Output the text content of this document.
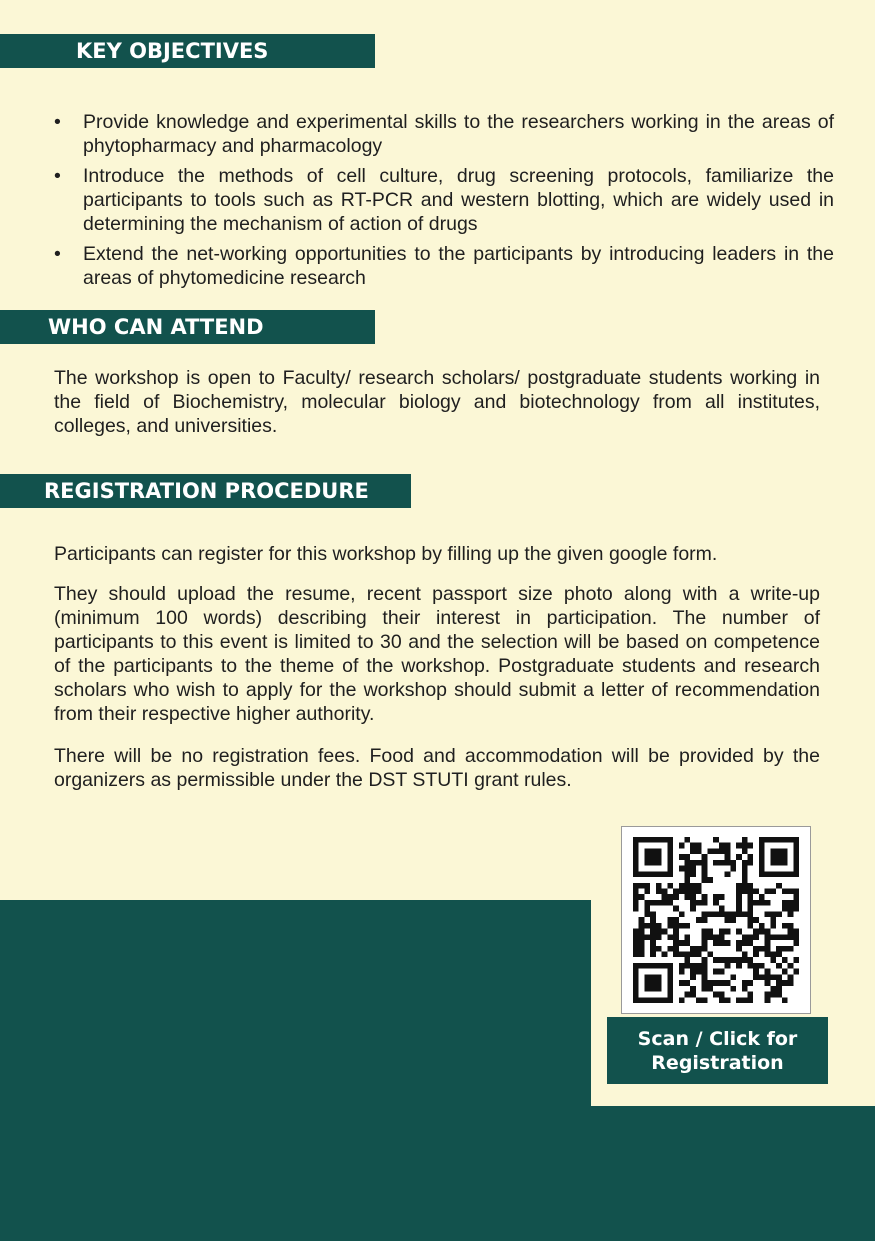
KEY OBJECTIVES
• Provide knowledge and experimental skills to the researchers working in the areas of phytopharmacy and pharmacology
• Introduce the methods of cell culture, drug screening protocols, familiarize the participants to tools such as RT-PCR and western blotting, which are widely used in determining the mechanism of action of drugs
• Extend the net-working opportunities to the participants by introducing leaders in the areas of phytomedicine research
WHO CAN ATTEND

The workshop is open to Faculty/ research scholars/ postgraduate students working in the field of Biochemistry, molecular biology and biotechnology from all institutes, colleges, and universities.

REGISTRATION PROCEDURE

Participants can register for this workshop by filling up the given google form.

They should upload the resume, recent passport size photo along with a write-up (minimum 100 words) describing their interest in participation. The number of participants to this event is limited to 30 and the selection will be based on competence of the participants to the theme of the workshop. Postgraduate students and research scholars who wish to apply for the workshop should submit a letter of recommendation from their respective higher authority.

There will be no registration fees. Food and accommodation will be provided by the organizers as permissible under the DST STUTI grant rules.

Scan / Click for
Registration
